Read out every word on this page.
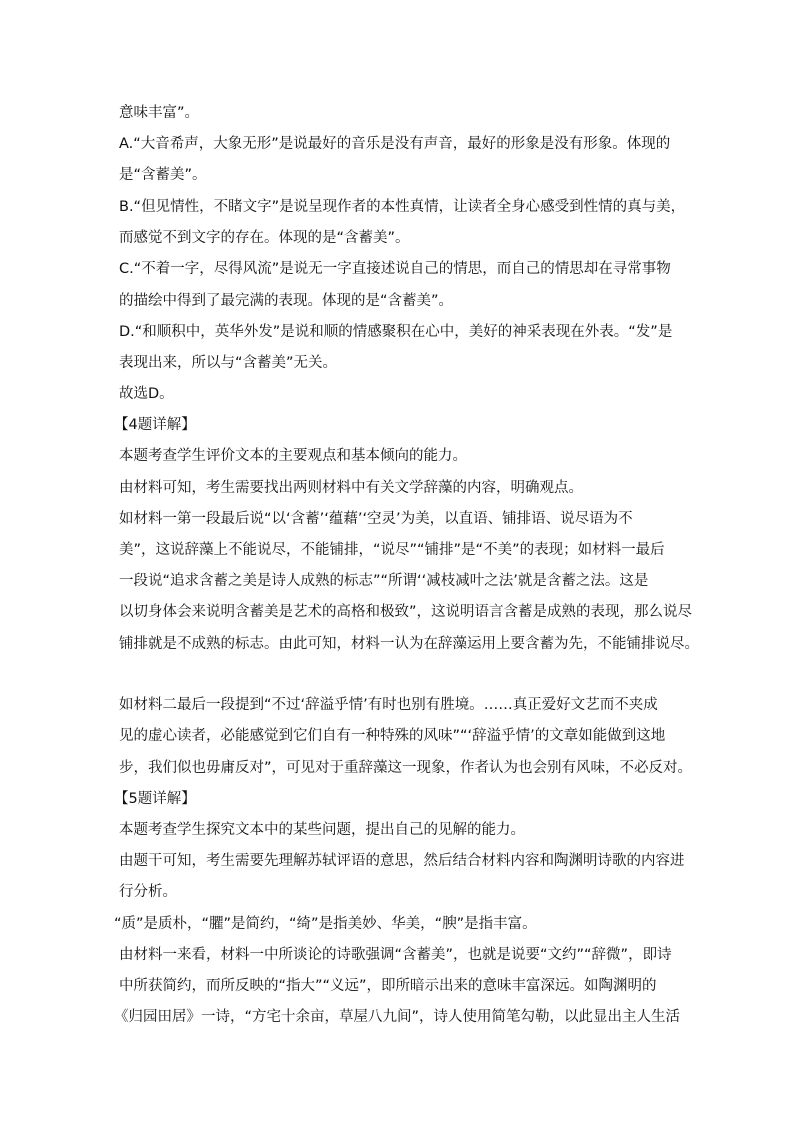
意味丰富”。
A.“大音希声，大象无形”是说最好的音乐是没有声音，最好的形象是没有形象。体现的
是“含蓄美”。
B.“但见情性，不睹文字”是说呈现作者的本性真情，让读者全身心感受到性情的真与美，
而感觉不到文字的存在。体现的是“含蓄美”。
C.“不着一字，尽得风流”是说无一字直接述说自己的情思，而自己的情思却在寻常事物
的描绘中得到了最完满的表现。体现的是“含蓄美”。
D.“和顺积中，英华外发”是说和顺的情感聚积在心中，美好的神采表现在外表。“发”是
表现出来，所以与“含蓄美”无关。
故选D。
【4题详解】
本题考查学生评价文本的主要观点和基本倾向的能力。
由材料可知，考生需要找出两则材料中有关文学辞藻的内容，明确观点。
如材料一第一段最后说“以‘含蓄’‘蕴藉’‘空灵’为美，以直语、铺排语、说尽语为不
美”，这说辞藻上不能说尽，不能铺排，“说尽”“铺排”是“不美”的表现；如材料一最后
一段说“追求含蓄之美是诗人成熟的标志”“所谓‘‘减枝减叶之法’就是含蓄之法。这是
以切身体会来说明含蓄美是艺术的高格和极致”，这说明语言含蓄是成熟的表现，那么说尽
铺排就是不成熟的标志。由此可知，材料一认为在辞藻运用上要含蓄为先，不能铺排说尽。
如材料二最后一段提到“不过‘辞溢乎情’有时也别有胜境。……真正爱好文艺而不夹成
见的虚心读者，必能感觉到它们自有一种特殊的风味”“‘辞溢乎情’的文章如能做到这地
步，我们似也毋庸反对”，可见对于重辞藻这一现象，作者认为也会别有风味，不必反对。
【5题详解】
本题考查学生探究文本中的某些问题，提出自己的见解的能力。
由题干可知，考生需要先理解苏轼评语的意思，然后结合材料内容和陶渊明诗歌的内容进
行分析。
“质”是质朴，“臞”是简约，“绮”是指美妙、华美，“腴”是指丰富。
由材料一来看，材料一中所谈论的诗歌强调“含蓄美”，也就是说要“文约”“辞微”，即诗
中所获简约，而所反映的“指大”“义远”，即所暗示出来的意味丰富深远。如陶渊明的
《归园田居》一诗，“方宅十余亩，草屋八九间”，诗人使用简笔勾勒，以此显出主人生活
